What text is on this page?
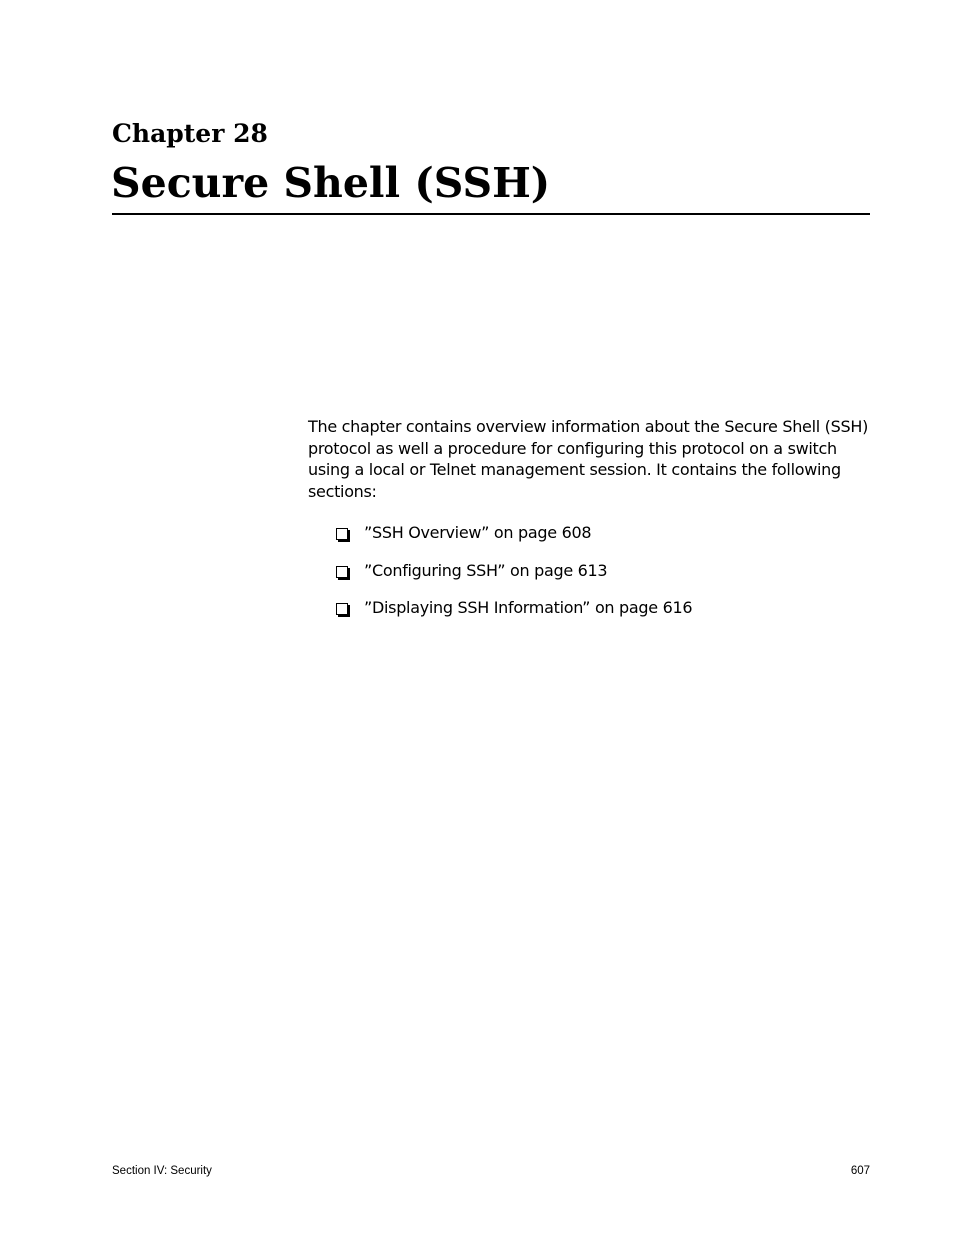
Chapter 28
Secure Shell (SSH)

The chapter contains overview information about the Secure Shell (SSH) protocol as well a procedure for configuring this protocol on a switch using a local or Telnet management session. It contains the following sections:

”SSH Overview” on page 608
”Configuring SSH” on page 613
”Displaying SSH Information” on page 616
Section IV: Security	607
